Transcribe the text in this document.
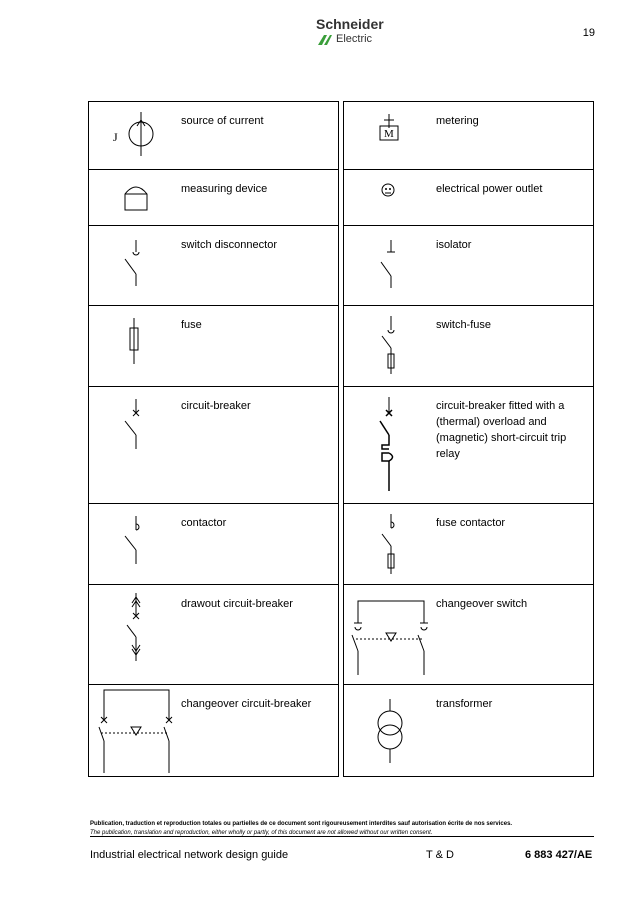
19
Schneider
Electric
J
source of current
measuring device
switch disconnector
fuse
circuit-breaker
contactor
drawout circuit-breaker
changeover circuit-breaker
M
metering
electrical power outlet
isolator
switch-fuse
circuit-breaker fitted with a (thermal) overload and (magnetic) short-circuit trip relay
fuse contactor
changeover switch
transformer
Publication, traduction et reproduction totales ou partielles de ce document sont rigoureusement interdites sauf autorisation écrite de nos services.
The publication, translation and reproduction, either wholly or partly, of this document are not allowed without our written consent.
Industrial electrical network design guide	T & D	6 883 427/AE
